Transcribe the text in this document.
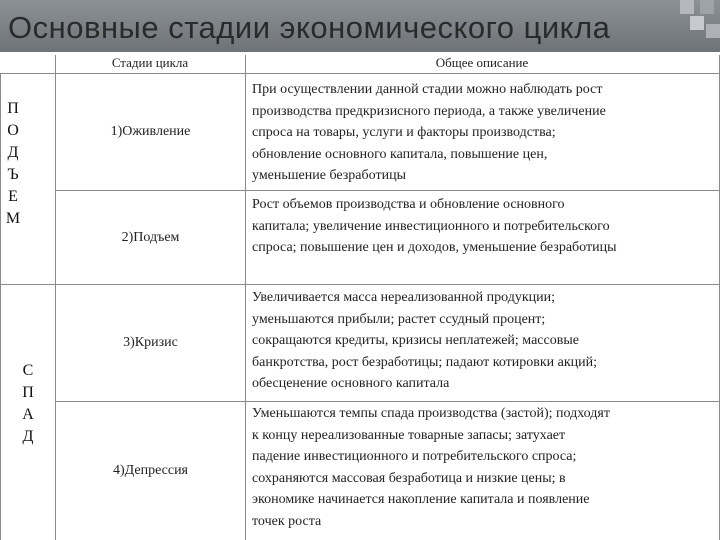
Основные стадии экономического цикла
Стадии цикла	Общее описание
П
О
Д
Ъ
Е
М
С
П
А
Д
1)Оживление
При осуществлении данной стадии можно наблюдать рост
производства предкризисного периода, а также увеличение
спроса на товары, услуги и факторы производства;
обновление основного капитала, повышение цен,
уменьшение безработицы
2)Подъем
Рост объемов производства и обновление основного
капитала; увеличение инвестиционного и потребительского
спроса; повышение цен и доходов, уменьшение безработицы
3)Кризис
Увеличивается масса нереализованной продукции;
уменьшаются прибыли; растет ссудный процент;
сокращаются кредиты, кризисы неплатежей; массовые
банкротства, рост безработицы; падают котировки акций;
обесценение основного капитала
4)Депрессия
Уменьшаются темпы спада производства (застой); подходят
к концу нереализованные товарные запасы; затухает
падение инвестиционного и потребительского спроса;
сохраняются массовая безработица и низкие цены; в
экономике начинается накопление капитала и появление
точек роста
